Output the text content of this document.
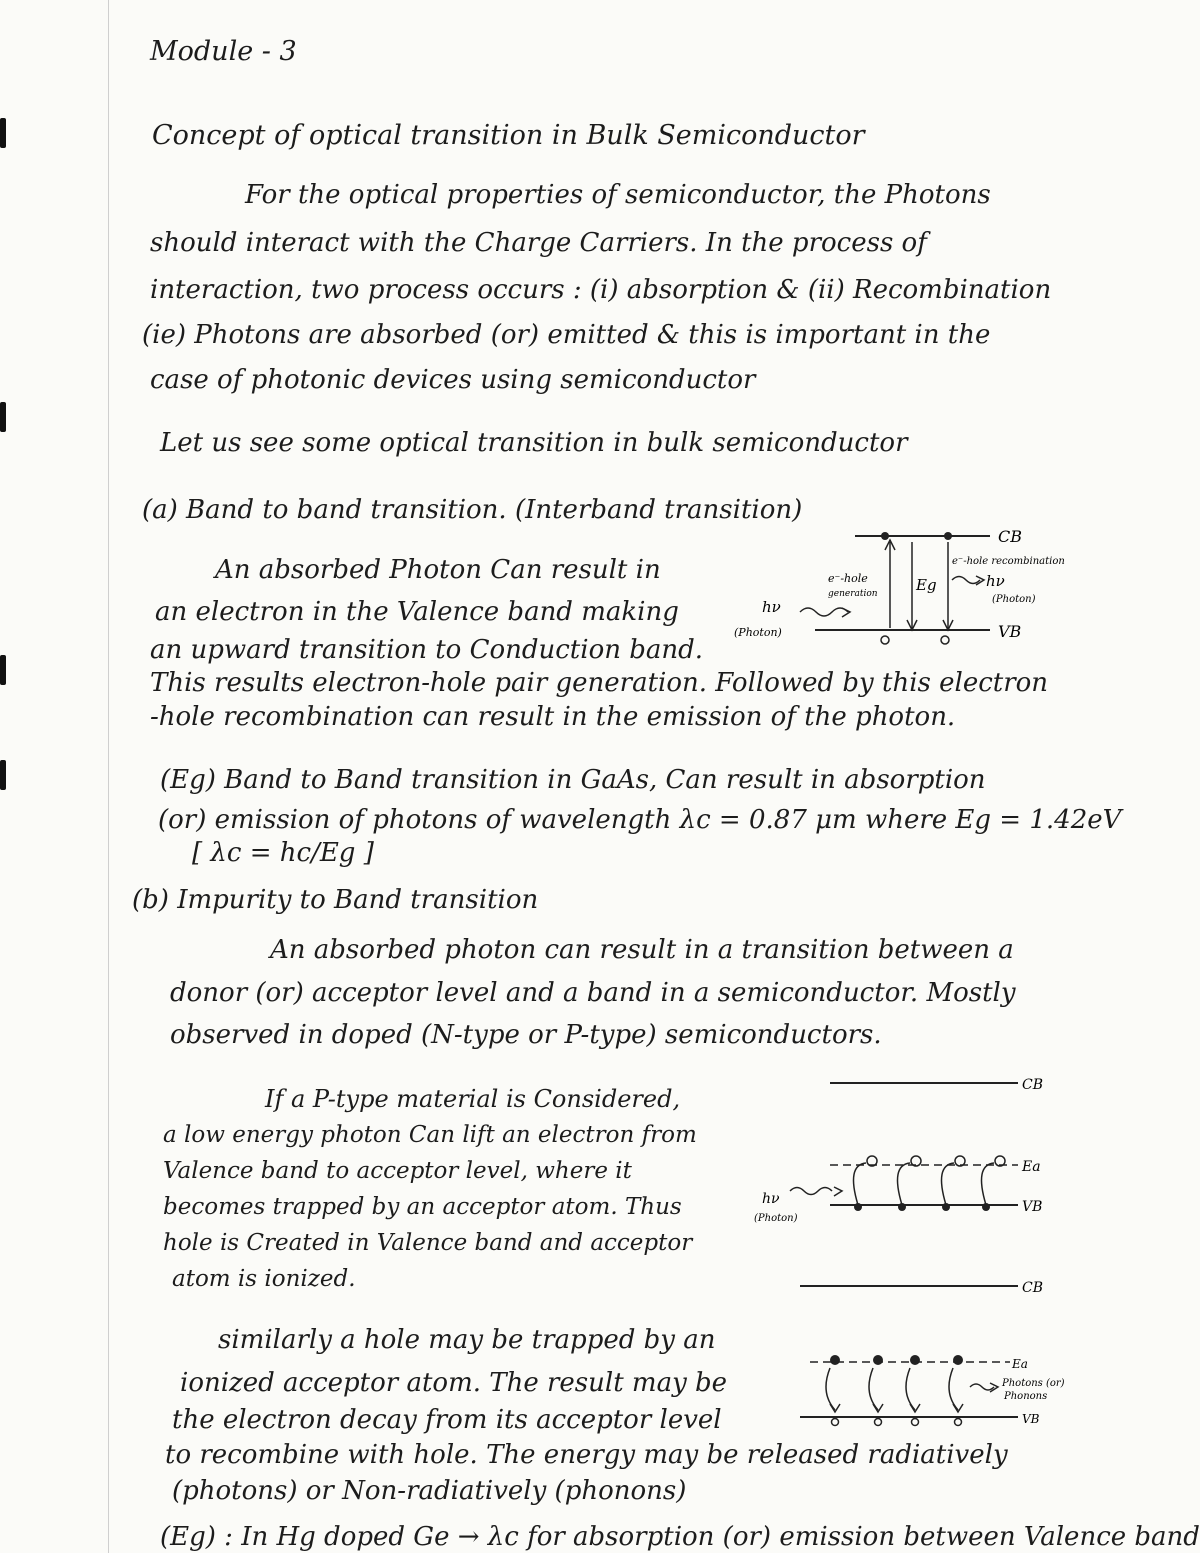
Module - 3
Concept of optical transition in Bulk Semiconductor
For the optical properties of semiconductor, the Photons
should interact with the Charge Carriers. In the process of
interaction, two process occurs : (i) absorption & (ii) Recombination
(ie) Photons are absorbed (or) emitted & this is important in the
case of photonic devices using semiconductor
Let us see some optical transition in bulk semiconductor
(a) Band to band transition. (Interband transition)
An absorbed Photon Can result in
an electron in the Valence band making
an upward transition to Conduction band.
This results electron-hole pair generation. Followed by this electron
-hole recombination can result in the emission of the photon.
(Eg) Band to Band transition in GaAs, Can result in absorption
(or) emission of photons of wavelength λc = 0.87 μm where Eg = 1.42eV
[ λc = hc/Eg ]
CB
VB
Eg
e⁻-hole
generation
e⁻-hole recombination
hν
(Photon)
hν
(Photon)
(b) Impurity to Band transition
An absorbed photon can result in a transition between a
donor (or) acceptor level and a band in a semiconductor. Mostly
observed in doped (N-type or P-type) semiconductors.
If a P-type material is Considered,
a low energy photon Can lift an electron from
Valence band to acceptor level, where it
becomes trapped by an acceptor atom. Thus
hole is Created in Valence band and acceptor
atom is ionized.
CB
Ea
VB
hν
(Photon)
similarly a hole may be trapped by an
ionized acceptor atom. The result may be
the electron decay from its acceptor level
to recombine with hole. The energy may be released radiatively
(photons) or Non-radiatively (phonons)
CB
Ea
VB
Photons (or)
Phonons
(Eg) : In Hg doped Ge → λc for absorption (or) emission between Valence band
